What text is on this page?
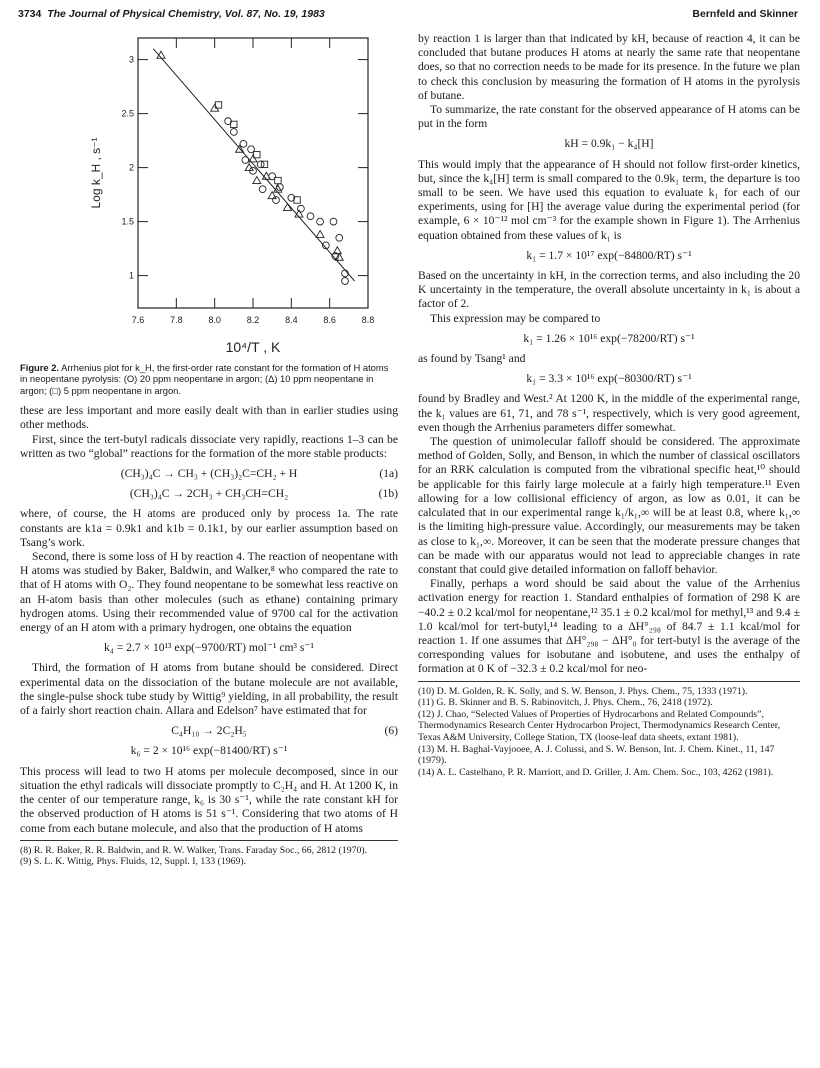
3734 The Journal of Physical Chemistry, Vol. 87, No. 19, 1983	Bernfeld and Skinner
7.6	7.8	8.0	8.2	8.4	8.6	8.8
1
1.5
2
2.5
3
10⁴/T , K
Log k_H , s⁻¹
Figure 2. Arrhenius plot for k_H, the first-order rate constant for the formation of H atoms in neopentane pyrolysis: (O) 20 ppm neopentane in argon; (Δ) 10 ppm neopentane in argon; (□) 5 ppm neopentane in argon.

these are less important and more easily dealt with than in earlier studies using other methods.

First, since the tert-butyl radicals dissociate very rapidly, reactions 1–3 can be written as two “global” reactions for the formation of the more stable products:

(CH₃)₄C → CH₃ + (CH₃)₂C=CH₂ + H	(1a)
(CH₃)₄C → 2CH₃ + CH₃CH=CH₂	(1b)

where, of course, the H atoms are produced only by process 1a. The rate constants are k1a = 0.9k1 and k1b = 0.1k1, by our earlier assumption based on Tsang’s work.

Second, there is some loss of H by reaction 4. The reaction of neopentane with H atoms was studied by Baker, Baldwin, and Walker,⁸ who compared the rate to that of H atoms with O₂. They found neopentane to be somewhat less reactive on an H-atom basis than other molecules (such as ethane) containing primary hydrogen atoms. Using their recommended value of 9700 cal for the activation energy of an H atom with a primary hydrogen, one obtains the equation

k₄ = 2.7 × 10¹³ exp(−9700/RT) mol⁻¹ cm³ s⁻¹

Third, the formation of H atoms from butane should be considered. Direct experimental data on the dissociation of the butane molecule are not available, the single-pulse shock tube study by Wittig⁹ yielding, in all probability, the result of a fairly short reaction chain. Allara and Edelson⁷ have estimated that for

C₄H₁₀ → 2C₂H₅	(6)
k₆ = 2 × 10¹⁶ exp(−81400/RT) s⁻¹

This process will lead to two H atoms per molecule decomposed, since in our situation the ethyl radicals will dissociate promptly to C₂H₄ and H. At 1200 K, in the center of our temperature range, k₆ is 30 s⁻¹, while the rate constant kH for the observed production of H atoms is 51 s⁻¹. Considering that two atoms of H come from each butane molecule, and also that the production of H atoms

(8) R. R. Baker, R. R. Baldwin, and R. W. Walker, Trans. Faraday Soc., 66, 2812 (1970).
(9) S. L. K. Wittig, Phys. Fluids, 12, Suppl. I, 133 (1969).

by reaction 1 is larger than that indicated by kH, because of reaction 4, it can be concluded that butane produces H atoms at nearly the same rate that neopentane does, so that no correction needs to be made for its presence. In the future we plan to check this conclusion by measuring the formation of H atoms in the pyrolysis of butane.

To summarize, the rate constant for the observed appearance of H atoms can be put in the form

kH = 0.9k₁ − k₄[H]

This would imply that the appearance of H should not follow first-order kinetics, but, since the k₄[H] term is small compared to the 0.9k₁ term, the departure is too small to be seen. We have used this equation to evaluate k₁ for each of our experiments, using for [H] the average value during the experimental period (for example, 6 × 10⁻¹² mol cm⁻³ for the example shown in Figure 1). The Arrhenius equation obtained from these values of k₁ is

k₁ = 1.7 × 10¹⁷ exp(−84800/RT) s⁻¹

Based on the uncertainty in kH, in the correction terms, and also including the 20 K uncertainty in the temperature, the overall absolute uncertainty in k₁ is about a factor of 2.

This expression may be compared to

k₁ = 1.26 × 10¹⁶ exp(−78200/RT) s⁻¹

as found by Tsang¹ and

k₁ = 3.3 × 10¹⁶ exp(−80300/RT) s⁻¹

found by Bradley and West.² At 1200 K, in the middle of the experimental range, the k₁ values are 61, 71, and 78 s⁻¹, respectively, which is very good agreement, even though the Arrhenius parameters differ somewhat.

The question of unimolecular falloff should be considered. The approximate method of Golden, Solly, and Benson, in which the number of classical oscillators for an RRK calculation is computed from the vibrational specific heat,¹⁰ should be applicable for this fairly large molecule at a fairly high temperature.¹¹ Even allowing for a low collisional efficiency of argon, as low as 0.01, it can be calculated that in our experimental range k₁/k₁,∞ will be at least 0.8, where k₁,∞ is the limiting high-pressure value. Accordingly, our measurements may be taken as close to k₁,∞. Moreover, it can be seen that the moderate pressure changes that can be made with our apparatus would not lead to appreciable changes in rate constant that could give detailed information on falloff behavior.

Finally, perhaps a word should be said about the value of the Arrhenius activation energy for reaction 1. Standard enthalpies of formation of 298 K are −40.2 ± 0.2 kcal/mol for neopentane,¹² 35.1 ± 0.2 kcal/mol for methyl,¹³ and 9.4 ± 1.0 kcal/mol for tert-butyl,¹⁴ leading to a ΔH°₂₉₈ of 84.7 ± 1.1 kcal/mol for reaction 1. If one assumes that ΔH°₂₉₈ − ΔH°₀ for tert-butyl is the average of the corresponding values for isobutane and isobutene, and uses the enthalpy of formation at 0 K of −32.3 ± 0.2 kcal/mol for neo-

(10) D. M. Golden, R. K. Solly, and S. W. Benson, J. Phys. Chem., 75, 1333 (1971).
(11) G. B. Skinner and B. S. Rabinovitch, J. Phys. Chem., 76, 2418 (1972).
(12) J. Chao, “Selected Values of Properties of Hydrocarbons and Related Compounds”, Thermodynamics Research Center Hydrocarbon Project, Thermodynamics Research Center, Texas A&M University, College Station, TX (loose-leaf data sheets, extant 1981).
(13) M. H. Baghal-Vayjooee, A. J. Colussi, and S. W. Benson, Int. J. Chem. Kinet., 11, 147 (1979).
(14) A. L. Castelhano, P. R. Marriott, and D. Griller, J. Am. Chem. Soc., 103, 4262 (1981).
